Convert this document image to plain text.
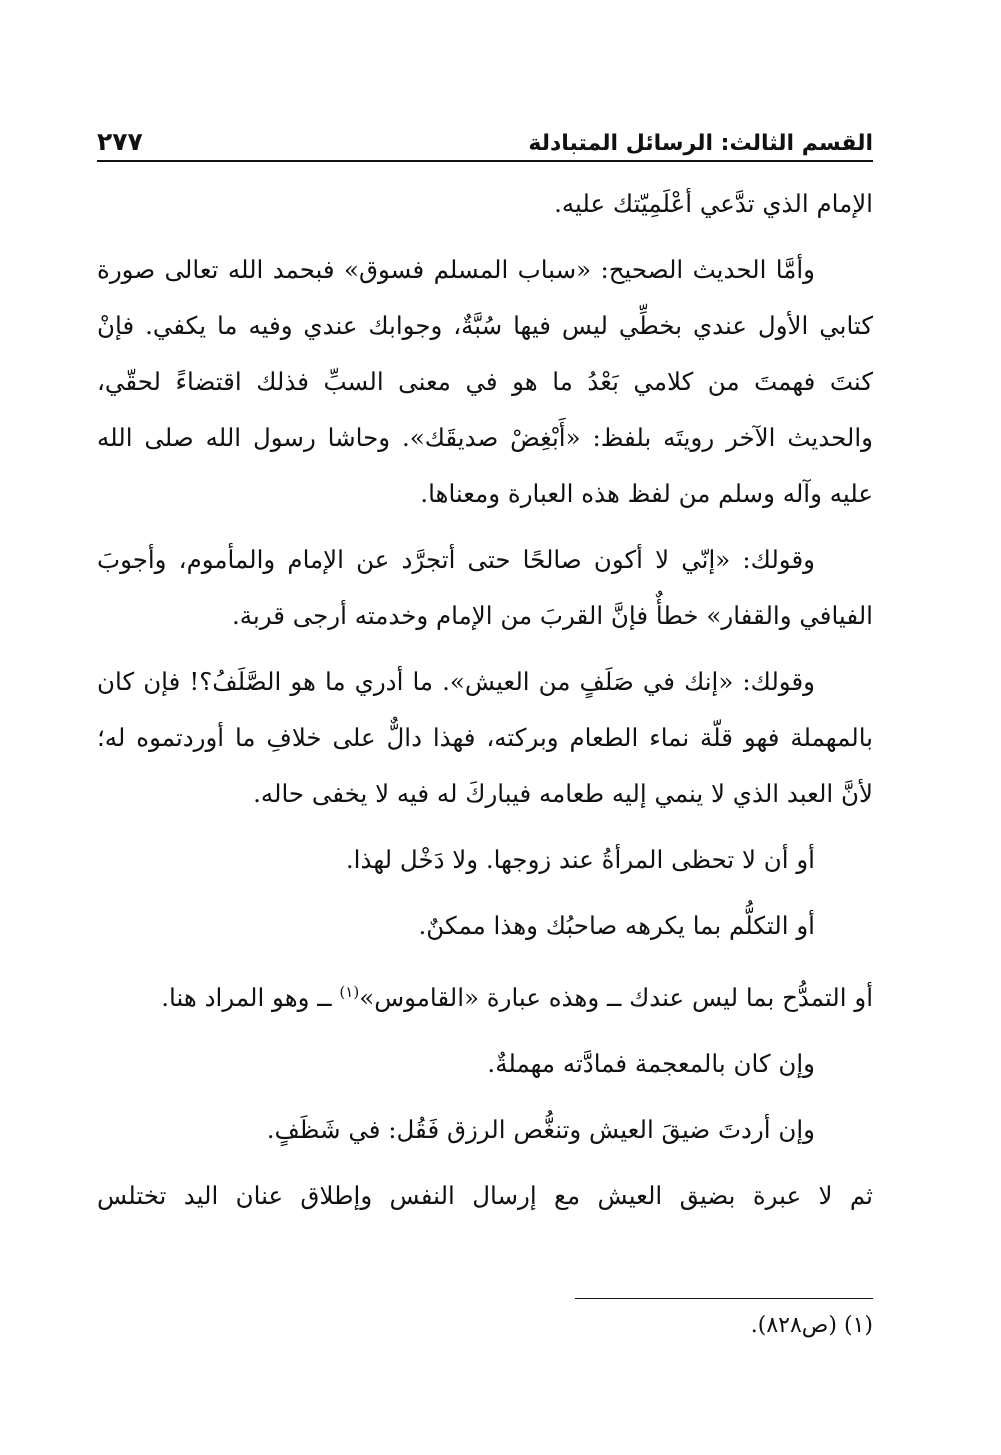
القسم الثالث: الرسائل المتبادلة
٢٧٧

الإمام الذي تدَّعي أعْلَمِيّتك عليه.

وأمَّا الحديث الصحيح: «سباب المسلم فسوق» فبحمد الله تعالى صورة كتابي الأول عندي بخطِّي ليس فيها سُبَّةٌ، وجوابك عندي وفيه ما يكفي. فإنْ كنتَ فهمتَ من كلامي بَعْدُ ما هو في معنى السبِّ فذلك اقتضاءً لحقّي، والحديث الآخر رويتَه بلفظ: «أَبْغِضْ صديقَك». وحاشا رسول الله صلى الله عليه وآله وسلم من لفظ هذه العبارة ومعناها.

وقولك: «إنّي لا أكون صالحًا حتى أتجرَّد عن الإمام والمأموم، وأجوبَ الفيافي والقفار» خطأٌ فإنَّ القربَ من الإمام وخدمته أرجى قربة.

وقولك: «إنك في صَلَفٍ من العيش». ما أدري ما هو الصَّلَفُ؟! فإن كان بالمهملة فهو قلّة نماء الطعام وبركته، فهذا دالٌّ على خلافِ ما أوردتموه له؛ لأنَّ العبد الذي لا ينمي إليه طعامه فيباركَ له فيه لا يخفى حاله.

أو أن لا تحظى المرأةُ عند زوجها. ولا دَخْل لهذا.

أو التكلُّم بما يكرهه صاحبُك وهذا ممكنٌ.

أو التمدُّح بما ليس عندك ــ وهذه عبارة «القاموس»$^{(١)}$ ــ وهو المراد هنا.

وإن كان بالمعجمة فمادَّته مهملةٌ.

وإن أردتَ ضيقَ العيش وتنغُّص الرزق فَقُل: في شَظَفٍ.

ثم لا عبرة بضيق العيش مع إرسال النفس وإطلاق عنان اليد تختلس

(١) (ص٨٢٨).
